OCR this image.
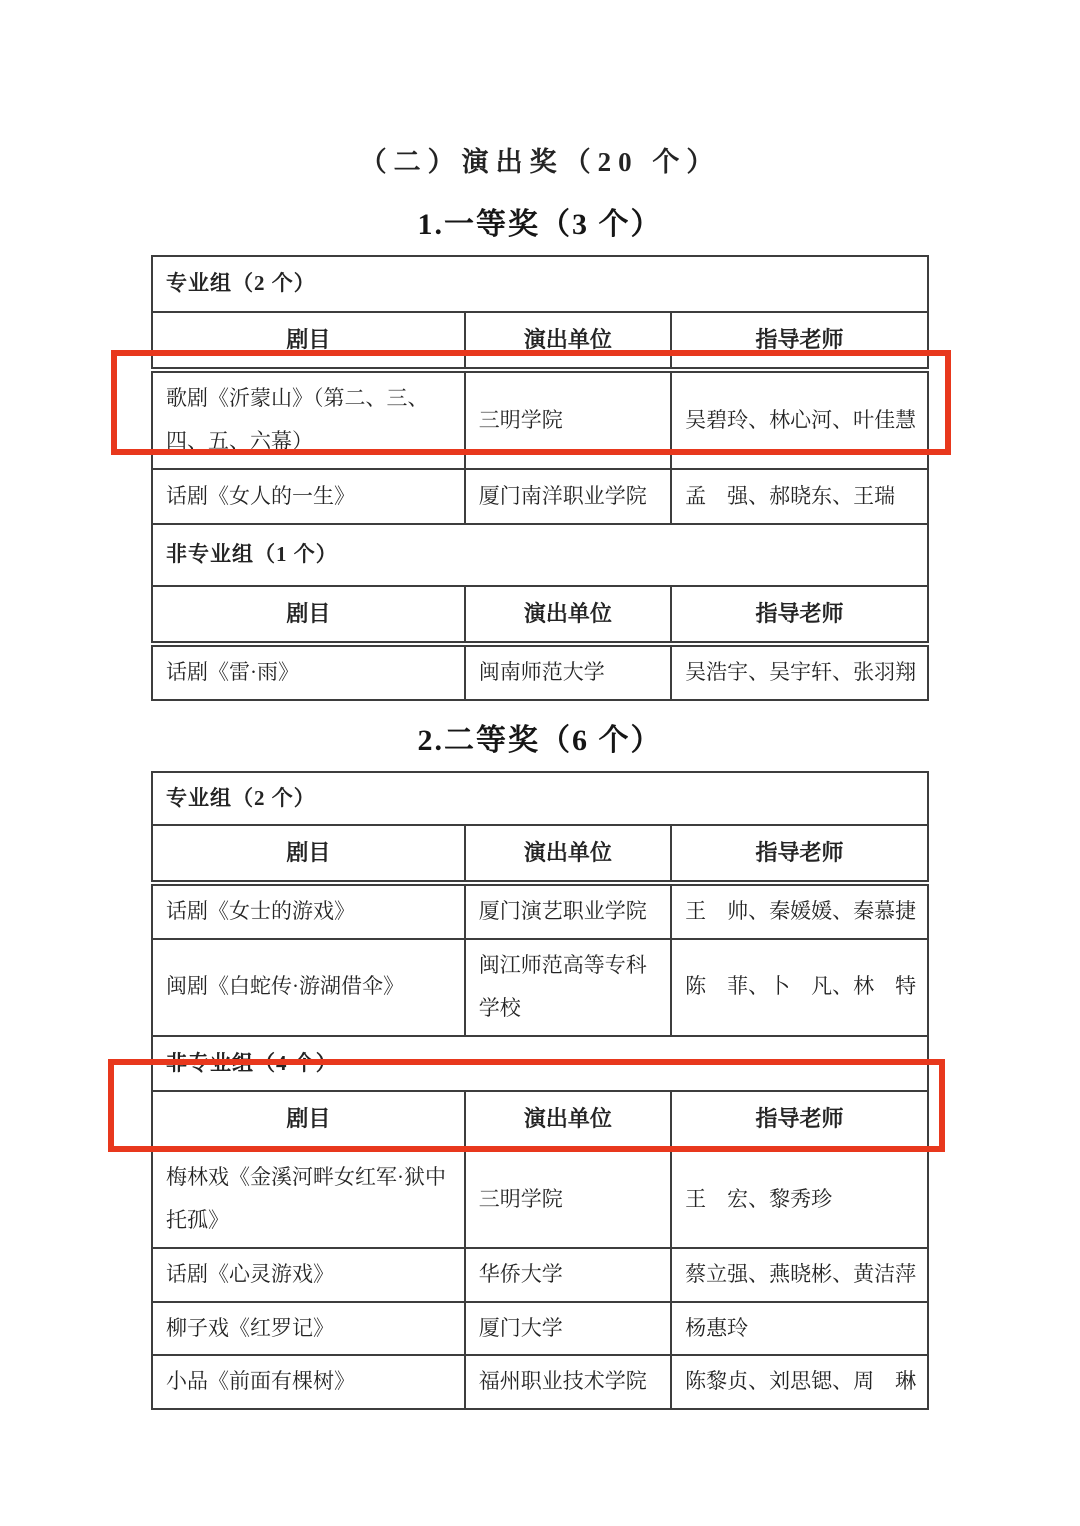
（二）演出奖（20 个）
1.一等奖（3 个）
专业组（2 个）		
剧目	演出单位	指导老师
歌剧《沂蒙山》（第二、三、四、五、六幕）	三明学院	吴碧玲、林心河、叶佳慧
话剧《女人的一生》	厦门南洋职业学院	孟　强、郝晓东、王瑞
非专业组（1 个）		
剧目	演出单位	指导老师
话剧《雷·雨》	闽南师范大学	吴浩宇、吴宇轩、张羽翔
2.二等奖（6 个）
专业组（2 个）		
剧目	演出单位	指导老师
话剧《女士的游戏》	厦门演艺职业学院	王　帅、秦媛媛、秦慕捷
闽剧《白蛇传·游湖借伞》	闽江师范高等专科学校	陈　菲、卜　凡、林　特
非专业组（4 个）		
剧目	演出单位	指导老师
梅林戏《金溪河畔女红军·狱中托孤》	三明学院	王　宏、黎秀珍
话剧《心灵游戏》	华侨大学	蔡立强、燕晓彬、黄洁萍
柳子戏《红罗记》	厦门大学	杨惠玲
小品《前面有棵树》	福州职业技术学院	陈黎贞、刘思锶、周　琳
